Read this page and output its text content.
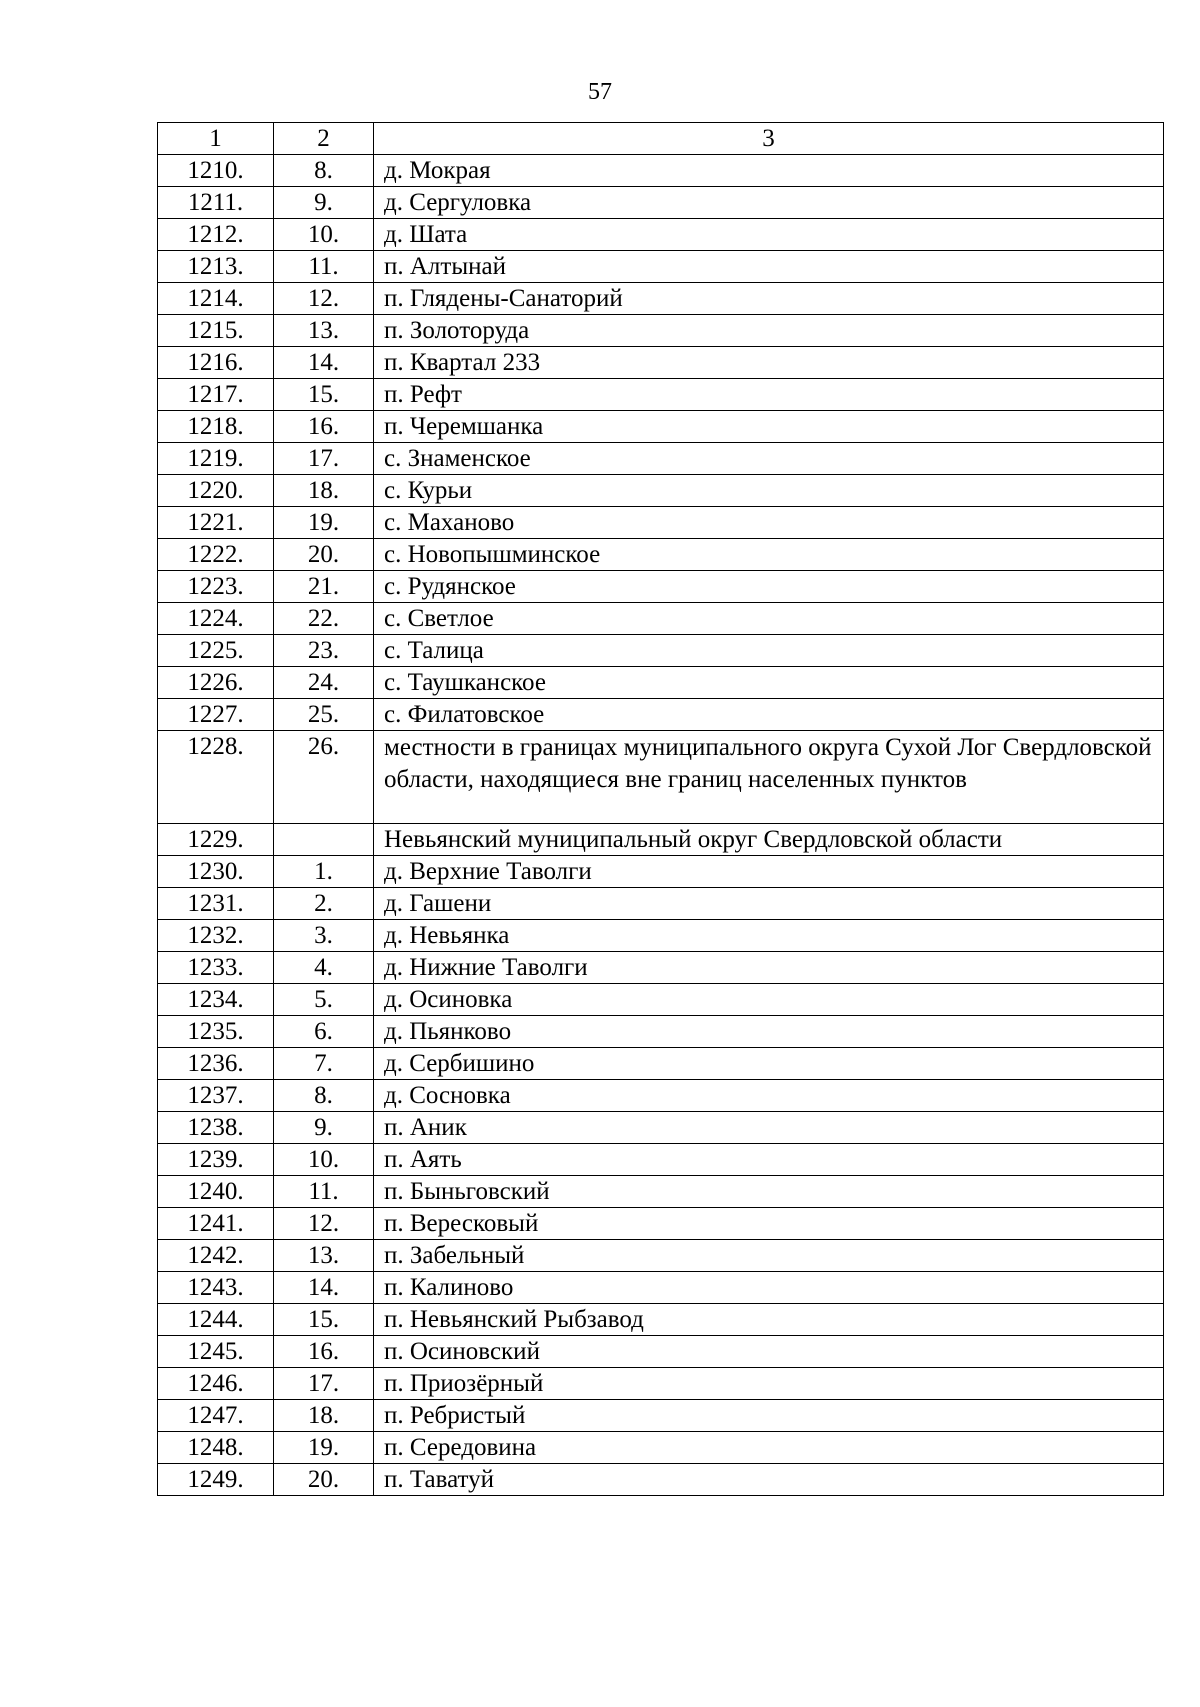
57
1	2	3
1210.	8.	д. Мокрая
1211.	9.	д. Сергуловка
1212.	10.	д. Шата
1213.	11.	п. Алтынай
1214.	12.	п. Глядены-Санаторий
1215.	13.	п. Золоторуда
1216.	14.	п. Квартал 233
1217.	15.	п. Рефт
1218.	16.	п. Черемшанка
1219.	17.	с. Знаменское
1220.	18.	с. Курьи
1221.	19.	с. Маханово
1222.	20.	с. Новопышминское
1223.	21.	с. Рудянское
1224.	22.	с. Светлое
1225.	23.	с. Талица
1226.	24.	с. Таушканское
1227.	25.	с. Филатовское
1228.	26.	местности в границах муниципального округа Сухой Лог Свердловской области, находящиеся вне границ населенных пунктов
1229.		Невьянский муниципальный округ Свердловской области
1230.	1.	д. Верхние Таволги
1231.	2.	д. Гашени
1232.	3.	д. Невьянка
1233.	4.	д. Нижние Таволги
1234.	5.	д. Осиновка
1235.	6.	д. Пьянково
1236.	7.	д. Сербишино
1237.	8.	д. Сосновка
1238.	9.	п. Аник
1239.	10.	п. Аять
1240.	11.	п. Быньговский
1241.	12.	п. Вересковый
1242.	13.	п. Забельный
1243.	14.	п. Калиново
1244.	15.	п. Невьянский Рыбзавод
1245.	16.	п. Осиновский
1246.	17.	п. Приозёрный
1247.	18.	п. Ребристый
1248.	19.	п. Середовина
1249.	20.	п. Таватуй
